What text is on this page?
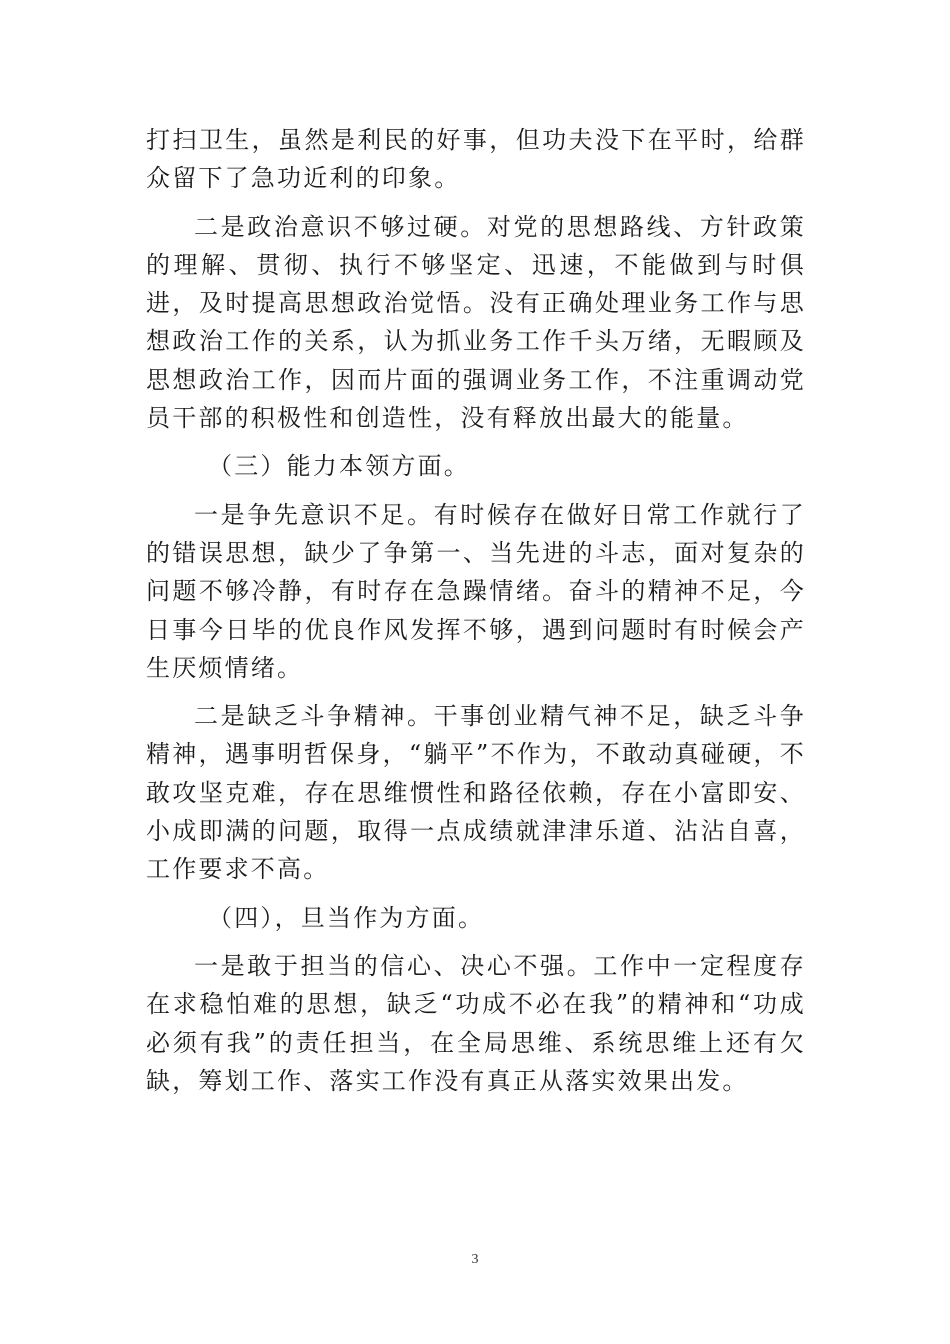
打扫卫生，虽然是利民的好事，但功夫没下在平时，给群众留下了急功近利的印象。

二是政治意识不够过硬。对党的思想路线、方针政策的理解、贯彻、执行不够坚定、迅速，不能做到与时俱进，及时提高思想政治觉悟。没有正确处理业务工作与思想政治工作的关系，认为抓业务工作千头万绪，无暇顾及思想政治工作，因而片面的强调业务工作，不注重调动党员干部的积极性和创造性，没有释放出最大的能量。

（三）能力本领方面。

一是争先意识不足。有时候存在做好日常工作就行了的错误思想，缺少了争第一、当先进的斗志，面对复杂的问题不够冷静，有时存在急躁情绪。奋斗的精神不足，今日事今日毕的优良作风发挥不够，遇到问题时有时候会产生厌烦情绪。

二是缺乏斗争精神。干事创业精气神不足，缺乏斗争精神，遇事明哲保身，“躺平”不作为，不敢动真碰硬，不敢攻坚克难，存在思维惯性和路径依赖，存在小富即安、小成即满的问题，取得一点成绩就津津乐道、沾沾自喜，工作要求不高。

（四），旦当作为方面。

一是敢于担当的信心、决心不强。工作中一定程度存在求稳怕难的思想，缺乏“功成不必在我”的精神和“功成必须有我”的责任担当，在全局思维、系统思维上还有欠缺，筹划工作、落实工作没有真正从落实效果出发。

3
